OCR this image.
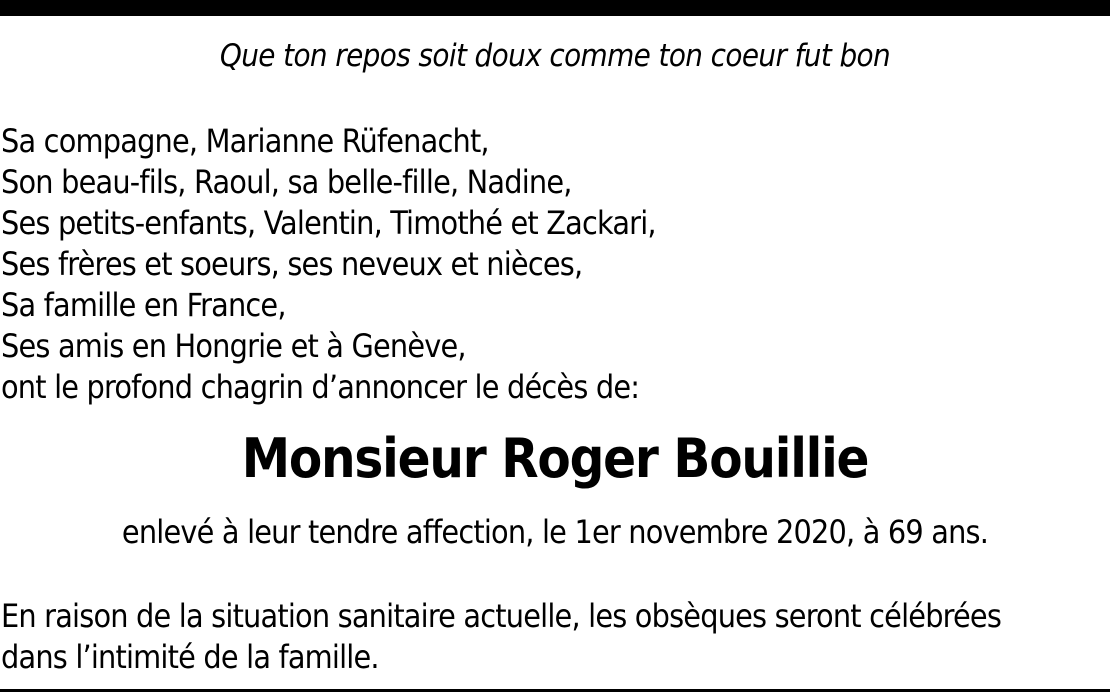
Que ton repos soit doux comme ton coeur fut bon
Sa compagne, Marianne Rüfenacht,
Son beau-fils, Raoul, sa belle-fille, Nadine,
Ses petits-enfants, Valentin, Timothé et Zackari,
Ses frères et soeurs, ses neveux et nièces,
Sa famille en France,
Ses amis en Hongrie et à Genève,
ont le profond chagrin d’annoncer le décès de:
Monsieur Roger Bouillie
enlevé à leur tendre affection, le 1er novembre 2020, à 69 ans.
En raison de la situation sanitaire actuelle, les obsèques seront célébrées
dans l’intimité de la famille.
